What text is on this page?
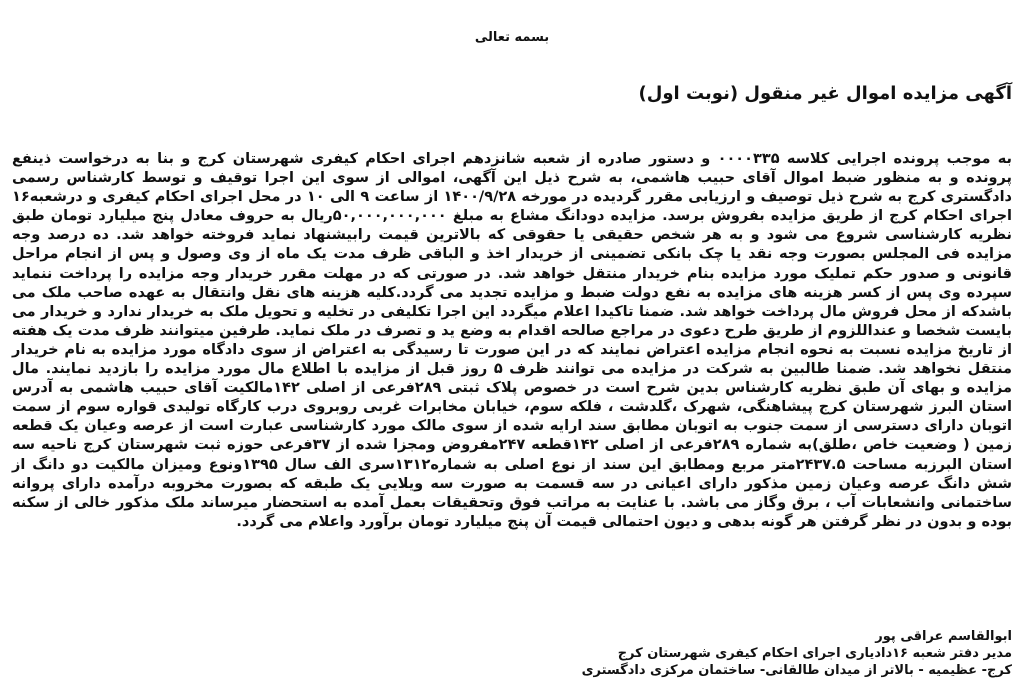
بسمه تعالی
آگهی مزایده اموال غیر منقول (نوبت اول)
به موجب پرونده اجرایی کلاسه ۰۰۰۰۳۳۵ و دستور صادره از شعبه شانزدهم اجرای احکام کیفری شهرستان کرج و بنا به درخواست ذینفع پرونده و به منظور ضبط اموال آقای حبیب هاشمی، به شرح ذیل این آگهی، اموالی از سوی این اجرا توقیف و توسط کارشناس رسمی دادگستری کرج به شرح ذیل توصیف و ارزیابی مقرر گردیده در مورخه ۱۴۰۰/۹/۲۸ از ساعت ۹ الی ۱۰ در محل اجرای احکام کیفری و درشعبه۱۶ اجرای احکام کرج از طریق مزایده بفروش برسد. مزایده دودانگ مشاع به مبلغ ۵۰,۰۰۰,۰۰۰,۰۰۰ریال به حروف معادل پنج میلیارد تومان طبق نظریه کارشناسی شروع می شود و به هر شخص حقیقی یا حقوقی که بالاترین قیمت رابیشنهاد نماید فروخته خواهد شد. ده درصد وجه مزایده فی المجلس بصورت وجه نقد یا چک بانکی تضمینی از خریدار اخذ و الباقی ظرف مدت یک ماه از وی وصول و پس از انجام مراحل قانونی و صدور حکم تملیک مورد مزایده بنام خریدار منتقل خواهد شد. در صورتی که در مهلت مقرر خریدار وجه مزایده را پرداخت ننماید سپرده وی پس از کسر هزینه های مزایده به نفع دولت ضبط و مزایده تجدید می گردد.کلیه هزینه های نقل وانتقال به عهده صاحب ملک می باشدکه از محل فروش مال پرداخت خواهد شد. ضمنا تاکیدا اعلام میگردد این اجرا تکلیفی در تخلیه و تحویل ملک به خریدار ندارد و خریدار می بایست شخصا و عنداللزوم از طریق طرح دعوی در مراجع صالحه اقدام به وضع ید و تصرف در ملک نماید. طرفین میتوانند ظرف مدت یک هفته از تاریخ مزایده نسبت به نحوه انجام مزایده اعتراض نمایند که در این صورت تا رسیدگی به اعتراض از سوی دادگاه مورد مزایده به نام خریدار منتقل نخواهد شد. ضمنا طالبین به شرکت در مزایده می توانند ظرف ۵ روز قبل از مزایده با اطلاع مال مورد مزایده را بازدید نمایند. مال مزایده و بهای آن طبق نظریه کارشناس بدین شرح است در خصوص پلاک ثبتی ۲۸۹فرعی از اصلی ۱۴۲مالکیت آقای حبیب هاشمی به آدرس استان البرز شهرستان کرج پیشاهنگی، شهرک ،گلدشت ، فلکه سوم، خیابان مخابرات غربی روبروی درب کارگاه تولیدی قواره سوم از سمت اتوبان دارای دسترسی از سمت جنوب به اتوبان مطابق سند ارایه شده از سوی مالک مورد کارشناسی عبارت است از عرصه وعیان یک قطعه زمین ( وضعیت خاص ،طلق)به شماره ۲۸۹فرعی از اصلی ۱۴۲قطعه ۲۴۷مفروض ومجزا شده از ۳۷فرعی حوزه ثبت شهرستان کرج ناحیه سه استان البرزبه مساحت ۲۴۳۷.۵متر مربع ومطابق این سند از نوع اصلی به شماره۱۳۱۲سری الف سال ۱۳۹۵ونوع ومیزان مالکیت دو دانگ از شش دانگ عرصه وعیان زمین مذکور دارای اعیانی در سه قسمت به صورت سه ویلایی یک طبقه که بصورت مخروبه درآمده دارای پروانه ساختمانی وانشعابات آب ، برق وگاز می باشد. با عنایت به مراتب فوق وتحقیقات بعمل آمده به استحضار میرساند ملک مذکور خالی از سکنه بوده و بدون در نظر گرفتن هر گونه بدهی و دیون احتمالی قیمت آن پنج میلیارد تومان برآورد واعلام می گردد.
ابوالقاسم عراقی پور
مدیر دفتر شعبه ۱۶دادیاری اجرای احکام کیفری شهرستان کرج
کرج- عظیمیه - بالاتر از میدان طالقانی- ساختمان مرکزی دادگستری
